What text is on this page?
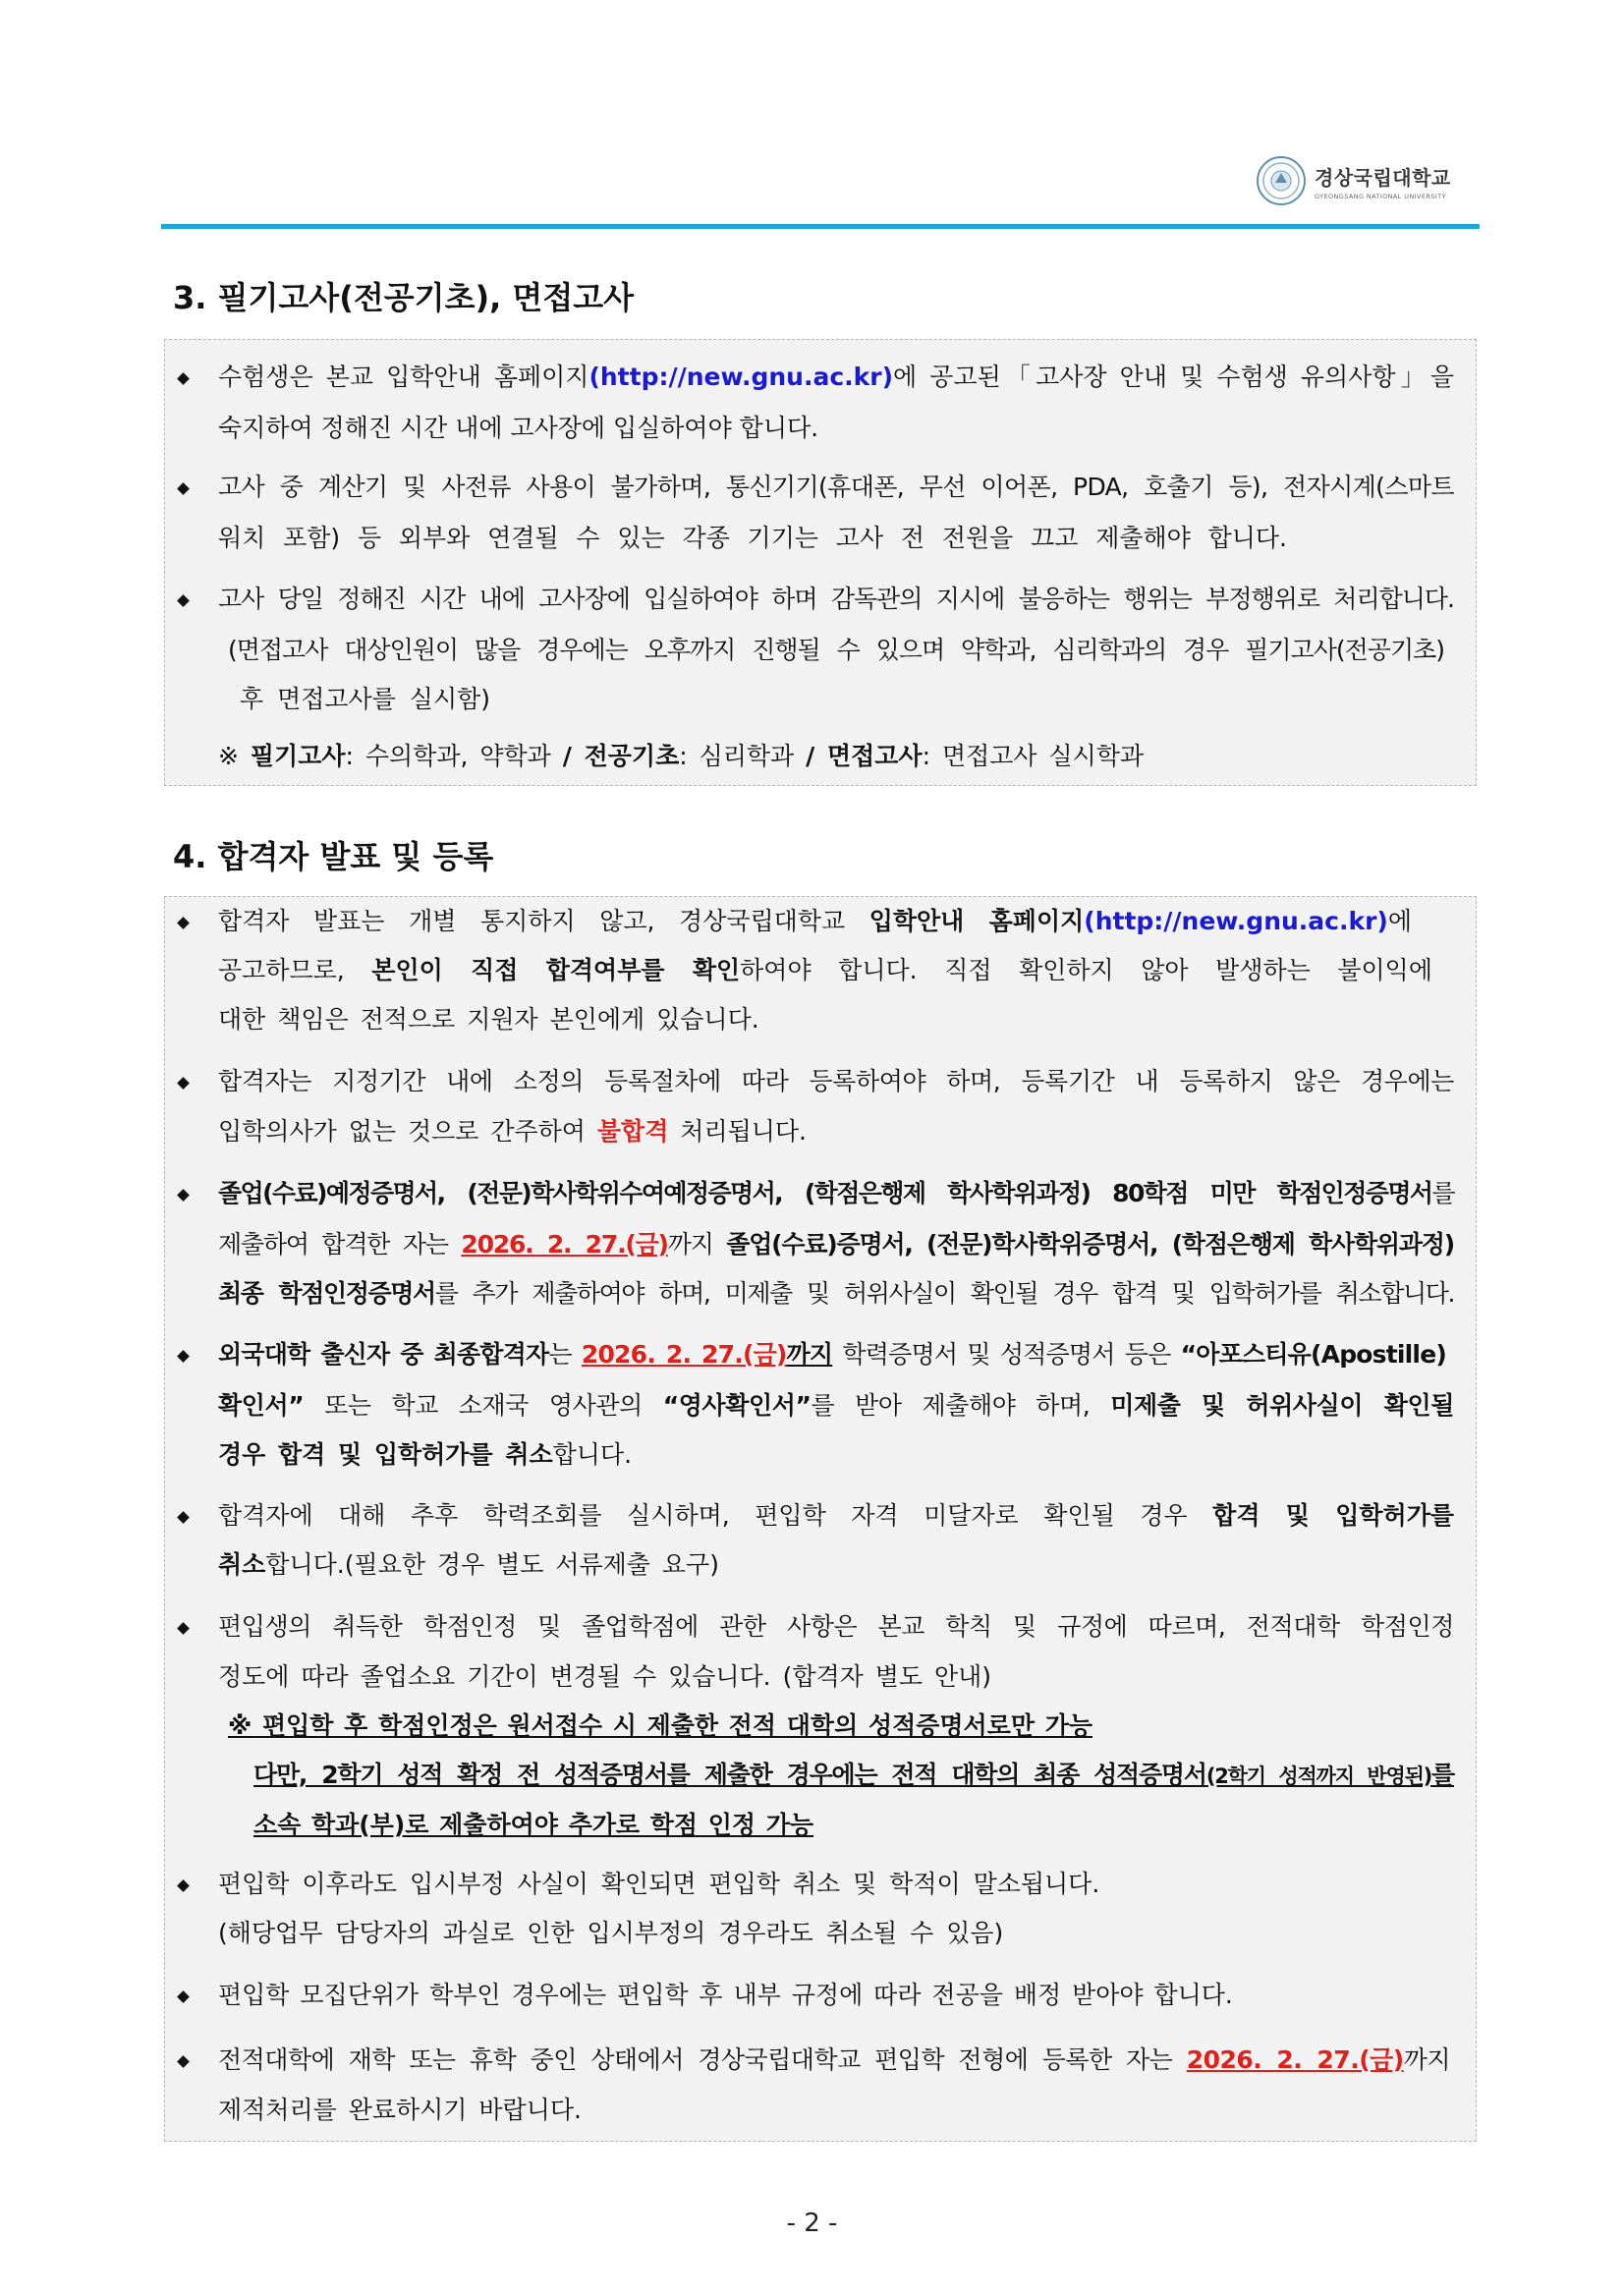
경상국립대학교
GYEONGSANG NATIONAL UNIVERSITY
3. 필기고사(전공기초), 면접고사
수험생은 본교 입학안내 홈페이지(http://new.gnu.ac.kr)에 공고된「고사장 안내 및 수험생 유의사항」을
숙지하여 정해진 시간 내에 고사장에 입실하여야 합니다.
고사 중 계산기 및 사전류 사용이 불가하며, 통신기기(휴대폰, 무선 이어폰, PDA, 호출기 등), 전자시계(스마트
워치 포함) 등 외부와 연결될 수 있는 각종 기기는 고사 전 전원을 끄고 제출해야 합니다.
고사 당일 정해진 시간 내에 고사장에 입실하여야 하며 감독관의 지시에 불응하는 행위는 부정행위로 처리합니다.
(면접고사 대상인원이 많을 경우에는 오후까지 진행될 수 있으며 약학과, 심리학과의 경우 필기고사(전공기초)
후 면접고사를 실시함)
※ 필기고사: 수의학과, 약학과 / 전공기초: 심리학과 / 면접고사: 면접고사 실시학과
4. 합격자 발표 및 등록
합격자 발표는 개별 통지하지 않고, 경상국립대학교 입학안내 홈페이지(http://new.gnu.ac.kr)에
공고하므로, 본인이 직접 합격여부를 확인하여야 합니다. 직접 확인하지 않아 발생하는 불이익에
대한 책임은 전적으로 지원자 본인에게 있습니다.
합격자는 지정기간 내에 소정의 등록절차에 따라 등록하여야 하며, 등록기간 내 등록하지 않은 경우에는
입학의사가 없는 것으로 간주하여 불합격 처리됩니다.
졸업(수료)예정증명서, (전문)학사학위수여예정증명서, (학점은행제 학사학위과정) 80학점 미만 학점인정증명서를
제출하여 합격한 자는 2026. 2. 27.(금)까지 졸업(수료)증명서, (전문)학사학위증명서, (학점은행제 학사학위과정)
최종 학점인정증명서를 추가 제출하여야 하며, 미제출 및 허위사실이 확인될 경우 합격 및 입학허가를 취소합니다.
외국대학 출신자 중 최종합격자는 2026. 2. 27.(금)까지 학력증명서 및 성적증명서 등은 “아포스티유(Apostille)
확인서” 또는 학교 소재국 영사관의 “영사확인서”를 받아 제출해야 하며, 미제출 및 허위사실이 확인될
경우 합격 및 입학허가를 취소합니다.
합격자에 대해 추후 학력조회를 실시하며, 편입학 자격 미달자로 확인될 경우 합격 및 입학허가를
취소합니다.(필요한 경우 별도 서류제출 요구)
편입생의 취득한 학점인정 및 졸업학점에 관한 사항은 본교 학칙 및 규정에 따르며, 전적대학 학점인정
정도에 따라 졸업소요 기간이 변경될 수 있습니다. (합격자 별도 안내)
※ 편입학 후 학점인정은 원서접수 시 제출한 전적 대학의 성적증명서로만 가능
다만, 2학기 성적 확정 전 성적증명서를 제출한 경우에는 전적 대학의 최종 성적증명서(2학기 성적까지 반영된)를
소속 학과(부)로 제출하여야 추가로 학점 인정 가능
편입학 이후라도 입시부정 사실이 확인되면 편입학 취소 및 학적이 말소됩니다.
(해당업무 담당자의 과실로 인한 입시부정의 경우라도 취소될 수 있음)
편입학 모집단위가 학부인 경우에는 편입학 후 내부 규정에 따라 전공을 배정 받아야 합니다.
전적대학에 재학 또는 휴학 중인 상태에서 경상국립대학교 편입학 전형에 등록한 자는 2026. 2. 27.(금)까지
제적처리를 완료하시기 바랍니다.
- 2 -
